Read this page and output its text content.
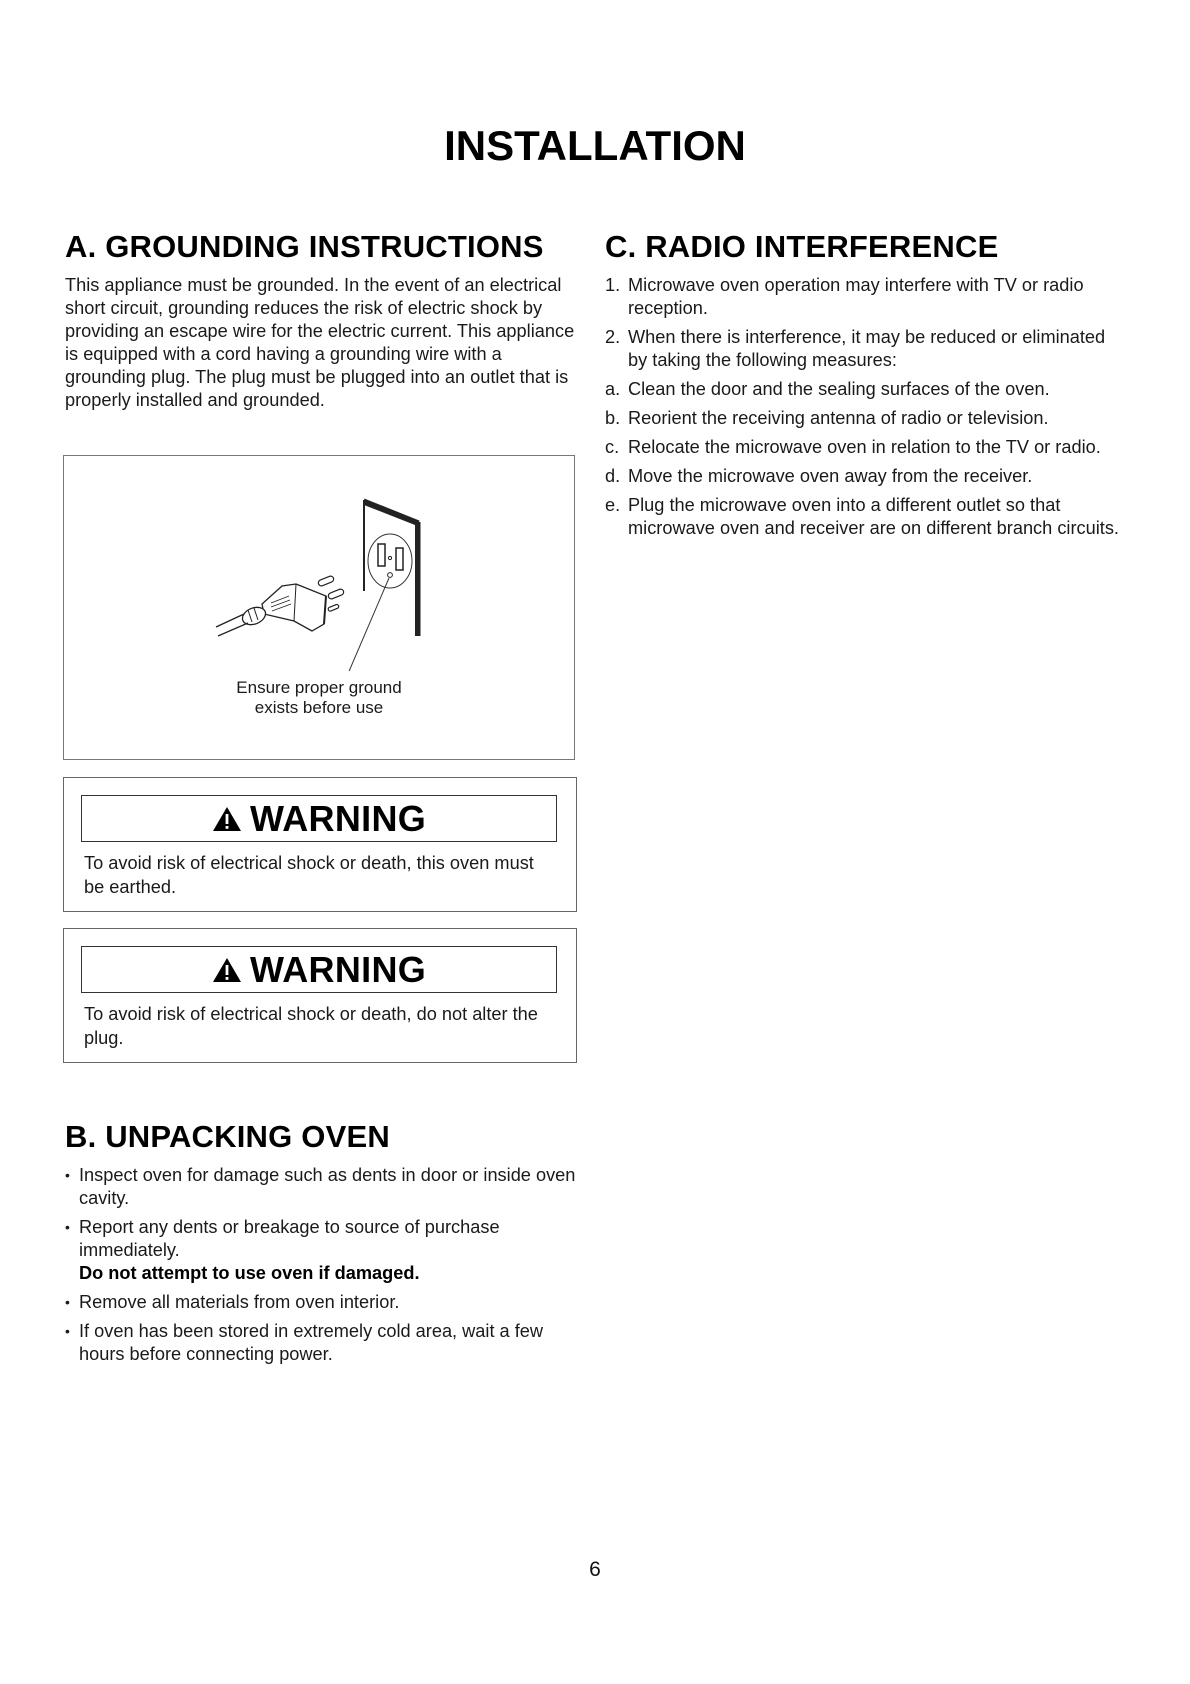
INSTALLATION
A. GROUNDING INSTRUCTIONS

This appliance must be grounded. In the event of an electrical short circuit, grounding reduces the risk of electric shock by providing an escape wire for the electric current. This appliance is equipped with a cord having a grounding wire with a grounding plug. The plug must be plugged into an outlet that is properly installed and grounded.

Ensure proper ground
exists before use
WARNING
To avoid risk of electrical shock or death, this oven must be earthed.
WARNING
To avoid risk of electrical shock or death, do not alter the plug.
B. UNPACKING OVEN
• Inspect oven for damage such as dents in door or inside oven cavity.
• Report any dents or breakage to source of purchase immediately.
Do not attempt to use oven if damaged.
• Remove all materials from oven interior.
• If oven has been stored in extremely cold area, wait a few hours before connecting power.
C. RADIO INTERFERENCE
1. Microwave oven operation may interfere with TV or radio reception.
2. When there is interference, it may be reduced or eliminated by taking the following measures:
a. Clean the door and the sealing surfaces of the oven.
b. Reorient the receiving antenna of radio or television.
c. Relocate the microwave oven in relation to the TV or radio.
d. Move the microwave oven away from the receiver.
e. Plug the microwave oven into a different outlet so that microwave oven and receiver are on different branch circuits.
6
